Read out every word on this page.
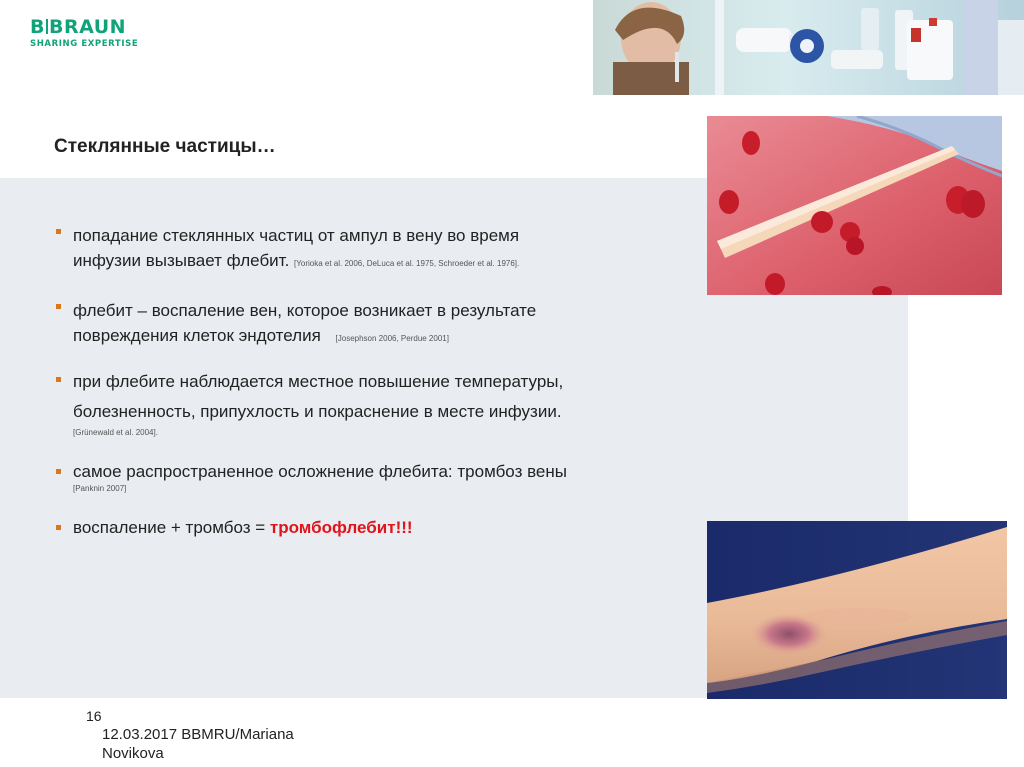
B BRAUN
SHARING EXPERTISE
Стеклянные частицы…
попадание стеклянных частиц от ампул в вену во время
инфузии вызывает флебит. [Yorioka et al. 2006, DeLuca et al. 1975, Schroeder et al. 1976].
флебит – воспаление вен, которое возникает в результате
повреждения клеток эндотелия [Josephson 2006, Perdue 2001]
при флебите наблюдается местное повышение температуры,
болезненность, припухлость и покраснение в месте инфузии.
[Grünewald et al. 2004].
самое распространенное осложнение флебита: тромбоз вены
[Panknin 2007]
воспаление + тромбоз = тромбофлебит!!!
16
12.03.2017 BBMRU/Mariana
Novikova
